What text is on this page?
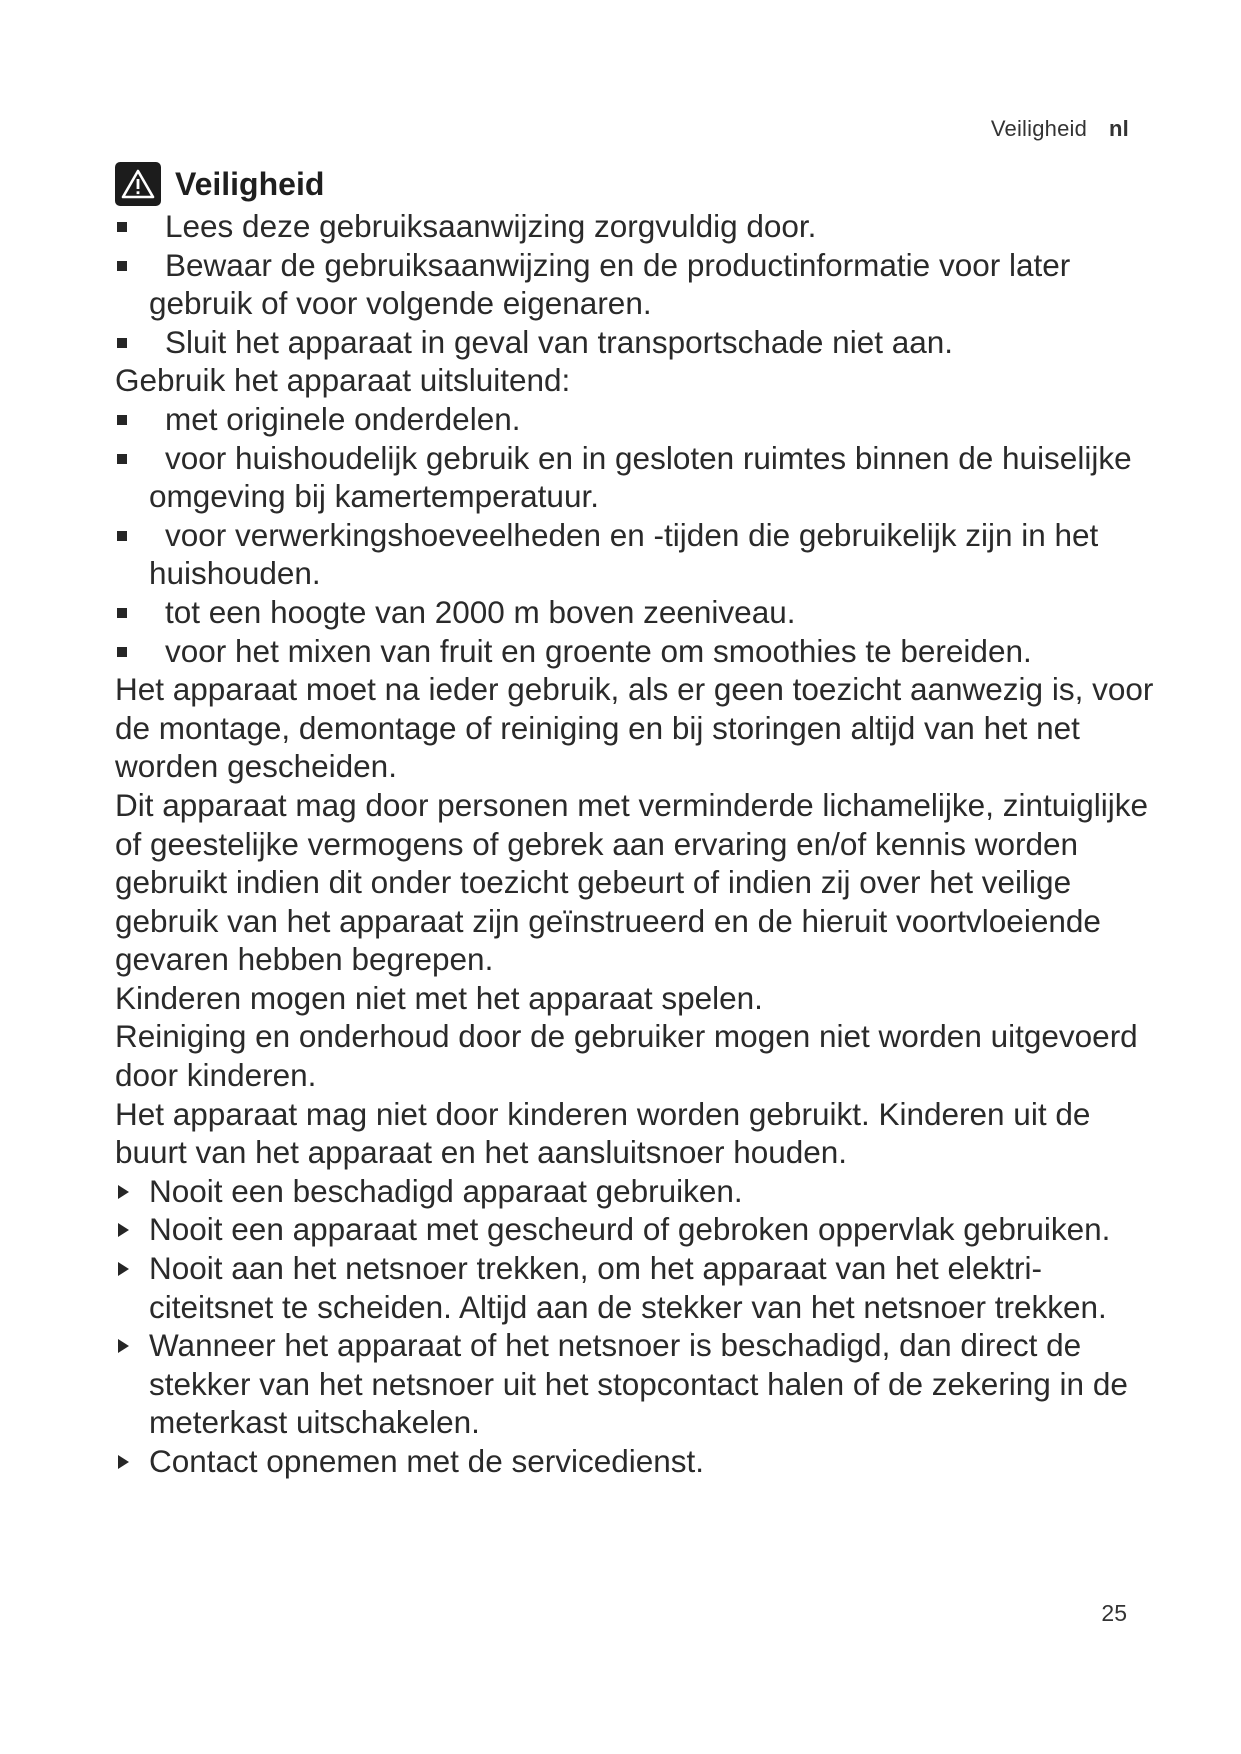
Veiligheid nl
Veiligheid
Lees deze gebruiksaanwijzing zorgvuldig door.
Bewaar de gebruiksaanwijzing en de productinformatie voor later gebruik of voor volgende eigenaren.
Sluit het apparaat in geval van transportschade niet aan.

Gebruik het apparaat uitsluitend:

met originele onderdelen.
voor huishoudelijk gebruik en in gesloten ruimtes binnen de huiselijke omgeving bij kamertemperatuur.
voor verwerkingshoeveelheden en -tijden die gebruikelijk zijn in het huishouden.
tot een hoogte van 2000 m boven zeeniveau.
voor het mixen van fruit en groente om smoothies te bereiden.

Het apparaat moet na ieder gebruik, als er geen toezicht aanwezig is, voor de montage, demontage of reiniging en bij storingen altijd van het net worden gescheiden.

Dit apparaat mag door personen met verminderde lichamelijke, zintuiglijke of geestelijke vermogens of gebrek aan ervaring en/of kennis worden gebruikt indien dit onder toezicht gebeurt of indien zij over het veilige gebruik van het apparaat zijn geïnstrueerd en de hieruit voortvloeiende gevaren hebben begrepen.

Kinderen mogen niet met het apparaat spelen.

Reiniging en onderhoud door de gebruiker mogen niet worden uitgevoerd door kinderen.

Het apparaat mag niet door kinderen worden gebruikt. Kinderen uit de buurt van het apparaat en het aansluitsnoer houden.

Nooit een beschadigd apparaat gebruiken.
Nooit een apparaat met gescheurd of gebroken oppervlak gebruiken.
Nooit aan het netsnoer trekken, om het apparaat van het elektriciteitsnet te scheiden. Altijd aan de stekker van het netsnoer trekken.
Wanneer het apparaat of het netsnoer is beschadigd, dan direct de stekker van het netsnoer uit het stopcontact halen of de zekering in de meterkast uitschakelen.
Contact opnemen met de servicedienst.
25
